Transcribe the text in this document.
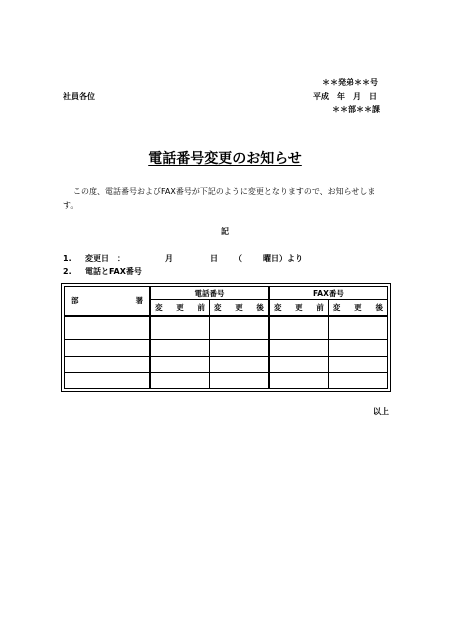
＊＊発弟＊＊号
社員各位	平成　年　月　日
＊＊部＊＊課
電話番号変更のお知らせ
この度、電話番号およびFAX番号が下記のように変更となりますので、お知らせします。
記
1. 変更日　：	月	日 （	曜日）より
2. 電話とFAX番号
部 署	電話番号		FAX番号	

	変 更 前	変 更 後	変 更 前	変 更 後

以上
